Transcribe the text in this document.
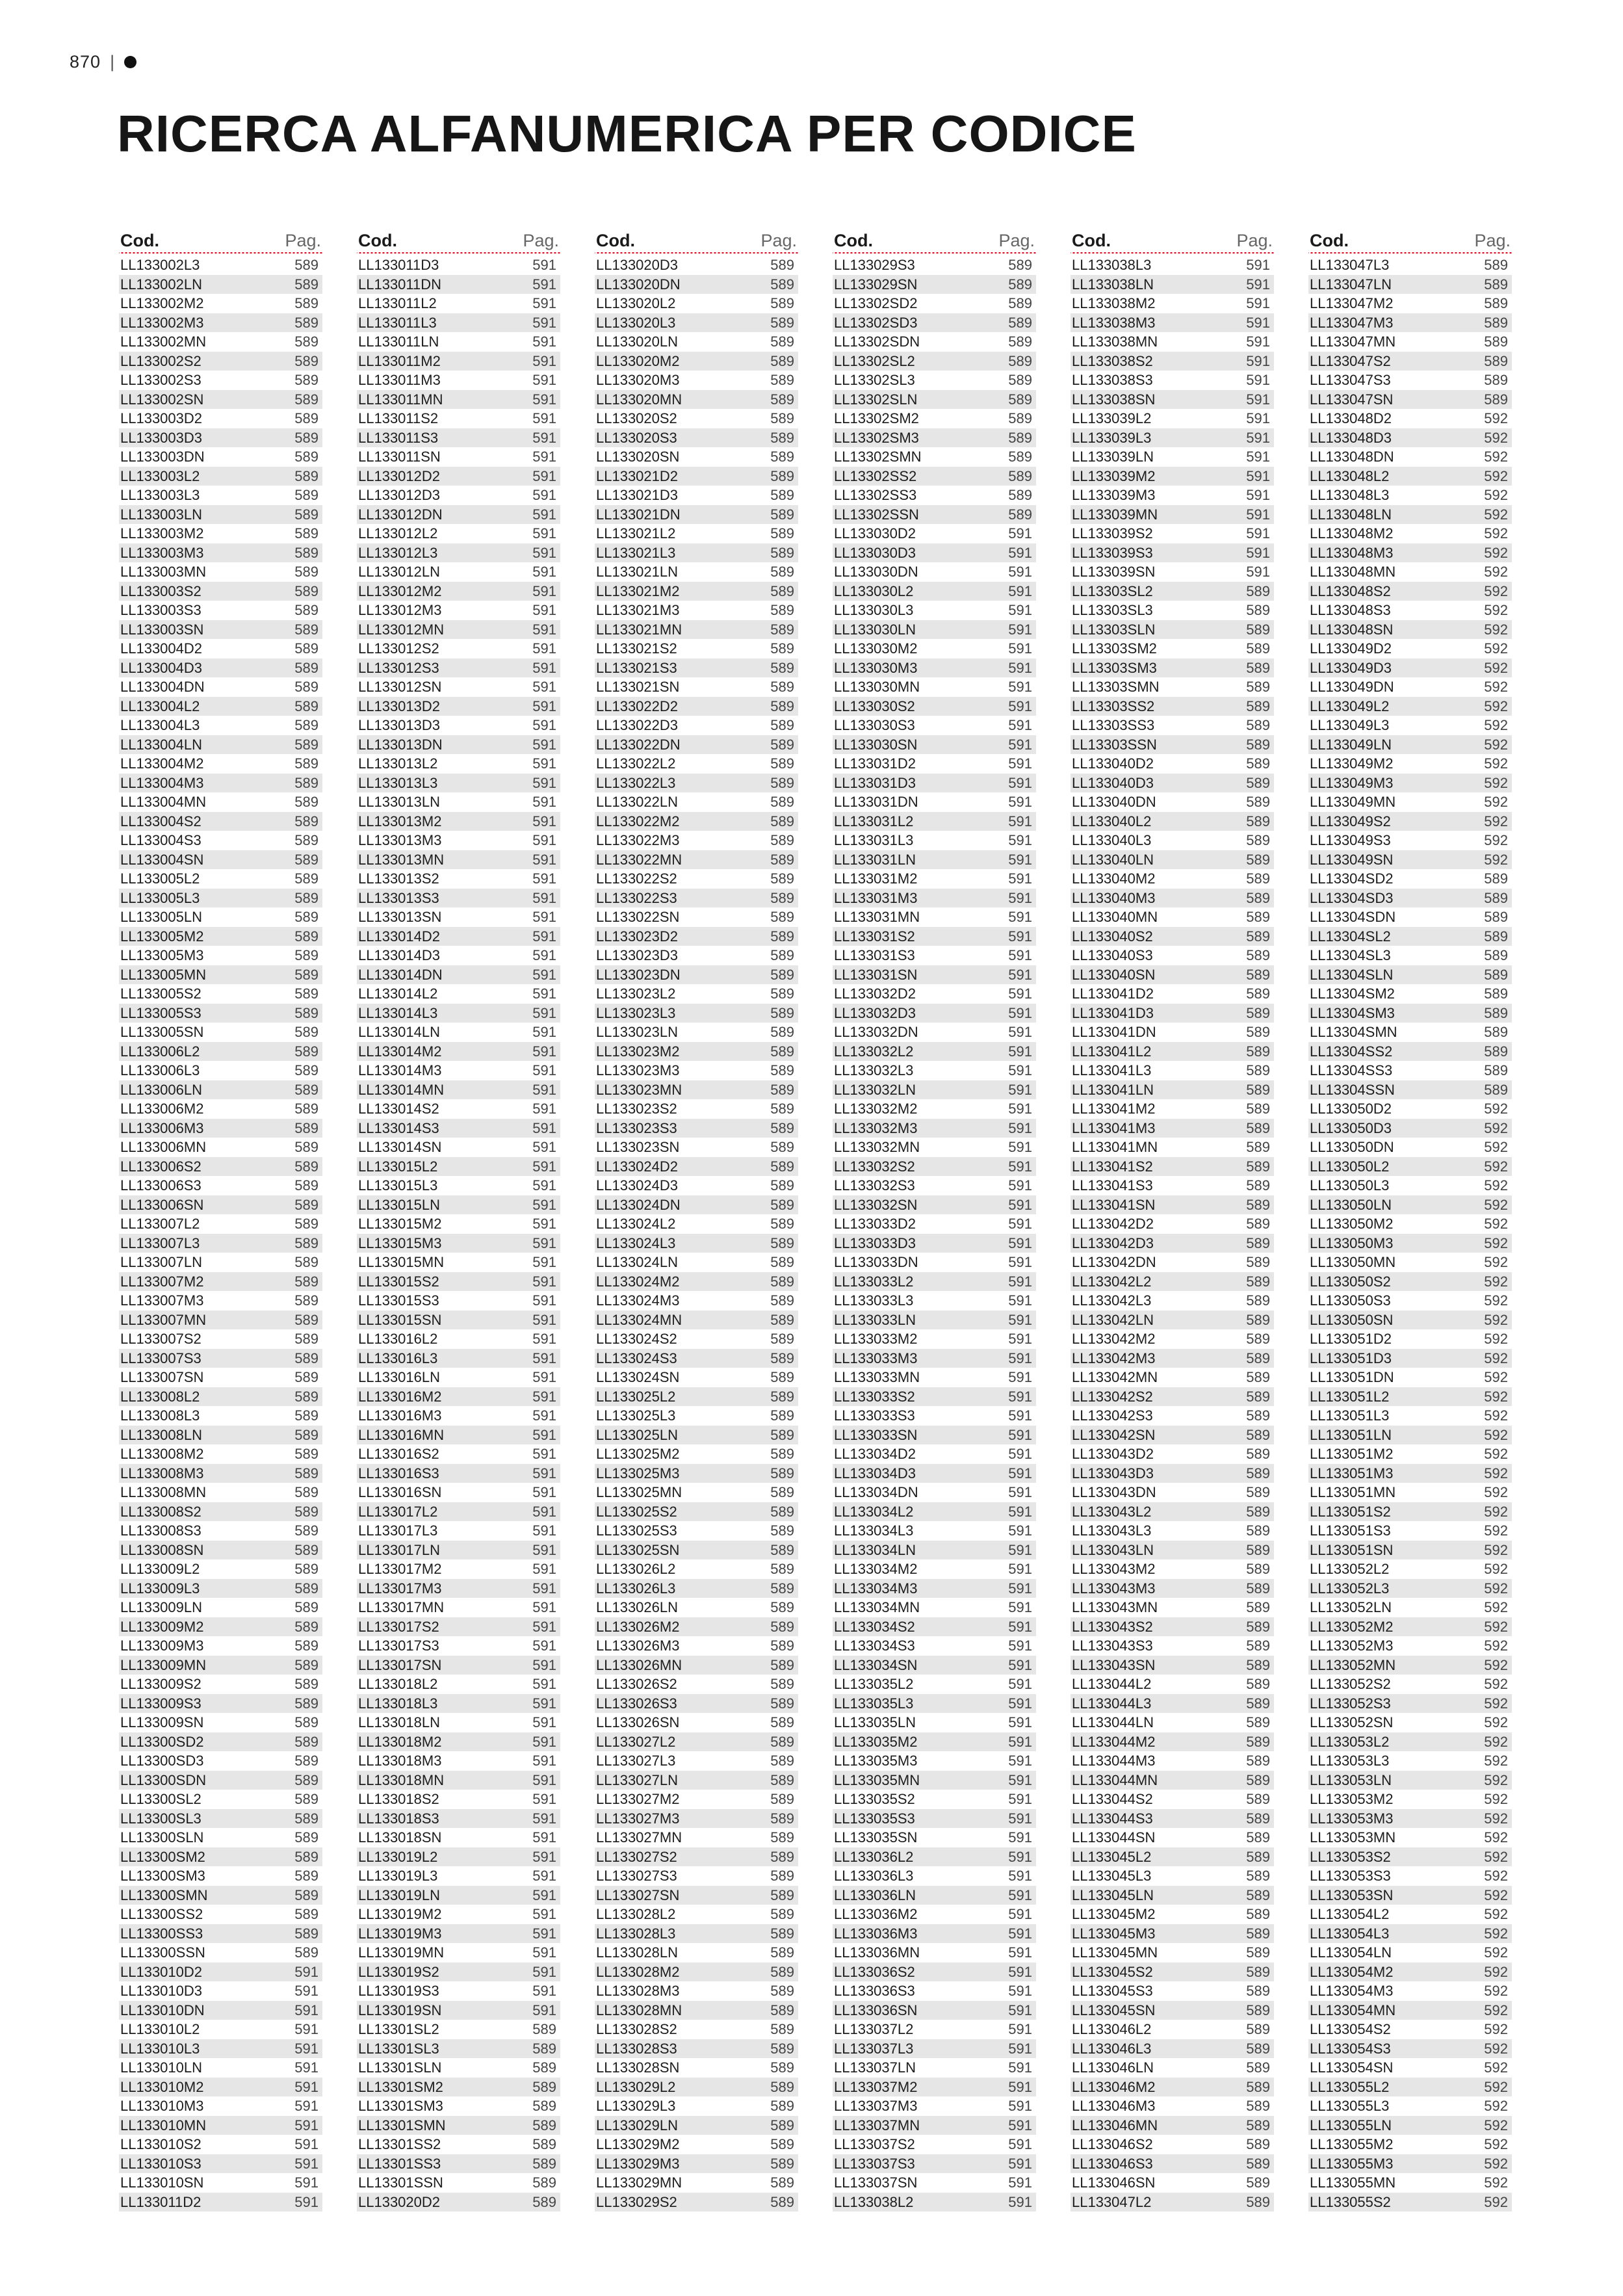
870 |
RICERCA ALFANUMERICA PER CODICE
Cod.	Pag.
LL133002L3	589
LL133002LN	589
LL133002M2	589
LL133002M3	589
LL133002MN	589
LL133002S2	589
LL133002S3	589
LL133002SN	589
LL133003D2	589
LL133003D3	589
LL133003DN	589
LL133003L2	589
LL133003L3	589
LL133003LN	589
LL133003M2	589
LL133003M3	589
LL133003MN	589
LL133003S2	589
LL133003S3	589
LL133003SN	589
LL133004D2	589
LL133004D3	589
LL133004DN	589
LL133004L2	589
LL133004L3	589
LL133004LN	589
LL133004M2	589
LL133004M3	589
LL133004MN	589
LL133004S2	589
LL133004S3	589
LL133004SN	589
LL133005L2	589
LL133005L3	589
LL133005LN	589
LL133005M2	589
LL133005M3	589
LL133005MN	589
LL133005S2	589
LL133005S3	589
LL133005SN	589
LL133006L2	589
LL133006L3	589
LL133006LN	589
LL133006M2	589
LL133006M3	589
LL133006MN	589
LL133006S2	589
LL133006S3	589
LL133006SN	589
LL133007L2	589
LL133007L3	589
LL133007LN	589
LL133007M2	589
LL133007M3	589
LL133007MN	589
LL133007S2	589
LL133007S3	589
LL133007SN	589
LL133008L2	589
LL133008L3	589
LL133008LN	589
LL133008M2	589
LL133008M3	589
LL133008MN	589
LL133008S2	589
LL133008S3	589
LL133008SN	589
LL133009L2	589
LL133009L3	589
LL133009LN	589
LL133009M2	589
LL133009M3	589
LL133009MN	589
LL133009S2	589
LL133009S3	589
LL133009SN	589
LL13300SD2	589
LL13300SD3	589
LL13300SDN	589
LL13300SL2	589
LL13300SL3	589
LL13300SLN	589
LL13300SM2	589
LL13300SM3	589
LL13300SMN	589
LL13300SS2	589
LL13300SS3	589
LL13300SSN	589
LL133010D2	591
LL133010D3	591
LL133010DN	591
LL133010L2	591
LL133010L3	591
LL133010LN	591
LL133010M2	591
LL133010M3	591
LL133010MN	591
LL133010S2	591
LL133010S3	591
LL133010SN	591
LL133011D2	591
Cod.	Pag.
LL133011D3	591
LL133011DN	591
LL133011L2	591
LL133011L3	591
LL133011LN	591
LL133011M2	591
LL133011M3	591
LL133011MN	591
LL133011S2	591
LL133011S3	591
LL133011SN	591
LL133012D2	591
LL133012D3	591
LL133012DN	591
LL133012L2	591
LL133012L3	591
LL133012LN	591
LL133012M2	591
LL133012M3	591
LL133012MN	591
LL133012S2	591
LL133012S3	591
LL133012SN	591
LL133013D2	591
LL133013D3	591
LL133013DN	591
LL133013L2	591
LL133013L3	591
LL133013LN	591
LL133013M2	591
LL133013M3	591
LL133013MN	591
LL133013S2	591
LL133013S3	591
LL133013SN	591
LL133014D2	591
LL133014D3	591
LL133014DN	591
LL133014L2	591
LL133014L3	591
LL133014LN	591
LL133014M2	591
LL133014M3	591
LL133014MN	591
LL133014S2	591
LL133014S3	591
LL133014SN	591
LL133015L2	591
LL133015L3	591
LL133015LN	591
LL133015M2	591
LL133015M3	591
LL133015MN	591
LL133015S2	591
LL133015S3	591
LL133015SN	591
LL133016L2	591
LL133016L3	591
LL133016LN	591
LL133016M2	591
LL133016M3	591
LL133016MN	591
LL133016S2	591
LL133016S3	591
LL133016SN	591
LL133017L2	591
LL133017L3	591
LL133017LN	591
LL133017M2	591
LL133017M3	591
LL133017MN	591
LL133017S2	591
LL133017S3	591
LL133017SN	591
LL133018L2	591
LL133018L3	591
LL133018LN	591
LL133018M2	591
LL133018M3	591
LL133018MN	591
LL133018S2	591
LL133018S3	591
LL133018SN	591
LL133019L2	591
LL133019L3	591
LL133019LN	591
LL133019M2	591
LL133019M3	591
LL133019MN	591
LL133019S2	591
LL133019S3	591
LL133019SN	591
LL13301SL2	589
LL13301SL3	589
LL13301SLN	589
LL13301SM2	589
LL13301SM3	589
LL13301SMN	589
LL13301SS2	589
LL13301SS3	589
LL13301SSN	589
LL133020D2	589
Cod.	Pag.
LL133020D3	589
LL133020DN	589
LL133020L2	589
LL133020L3	589
LL133020LN	589
LL133020M2	589
LL133020M3	589
LL133020MN	589
LL133020S2	589
LL133020S3	589
LL133020SN	589
LL133021D2	589
LL133021D3	589
LL133021DN	589
LL133021L2	589
LL133021L3	589
LL133021LN	589
LL133021M2	589
LL133021M3	589
LL133021MN	589
LL133021S2	589
LL133021S3	589
LL133021SN	589
LL133022D2	589
LL133022D3	589
LL133022DN	589
LL133022L2	589
LL133022L3	589
LL133022LN	589
LL133022M2	589
LL133022M3	589
LL133022MN	589
LL133022S2	589
LL133022S3	589
LL133022SN	589
LL133023D2	589
LL133023D3	589
LL133023DN	589
LL133023L2	589
LL133023L3	589
LL133023LN	589
LL133023M2	589
LL133023M3	589
LL133023MN	589
LL133023S2	589
LL133023S3	589
LL133023SN	589
LL133024D2	589
LL133024D3	589
LL133024DN	589
LL133024L2	589
LL133024L3	589
LL133024LN	589
LL133024M2	589
LL133024M3	589
LL133024MN	589
LL133024S2	589
LL133024S3	589
LL133024SN	589
LL133025L2	589
LL133025L3	589
LL133025LN	589
LL133025M2	589
LL133025M3	589
LL133025MN	589
LL133025S2	589
LL133025S3	589
LL133025SN	589
LL133026L2	589
LL133026L3	589
LL133026LN	589
LL133026M2	589
LL133026M3	589
LL133026MN	589
LL133026S2	589
LL133026S3	589
LL133026SN	589
LL133027L2	589
LL133027L3	589
LL133027LN	589
LL133027M2	589
LL133027M3	589
LL133027MN	589
LL133027S2	589
LL133027S3	589
LL133027SN	589
LL133028L2	589
LL133028L3	589
LL133028LN	589
LL133028M2	589
LL133028M3	589
LL133028MN	589
LL133028S2	589
LL133028S3	589
LL133028SN	589
LL133029L2	589
LL133029L3	589
LL133029LN	589
LL133029M2	589
LL133029M3	589
LL133029MN	589
LL133029S2	589
Cod.	Pag.
LL133029S3	589
LL133029SN	589
LL13302SD2	589
LL13302SD3	589
LL13302SDN	589
LL13302SL2	589
LL13302SL3	589
LL13302SLN	589
LL13302SM2	589
LL13302SM3	589
LL13302SMN	589
LL13302SS2	589
LL13302SS3	589
LL13302SSN	589
LL133030D2	591
LL133030D3	591
LL133030DN	591
LL133030L2	591
LL133030L3	591
LL133030LN	591
LL133030M2	591
LL133030M3	591
LL133030MN	591
LL133030S2	591
LL133030S3	591
LL133030SN	591
LL133031D2	591
LL133031D3	591
LL133031DN	591
LL133031L2	591
LL133031L3	591
LL133031LN	591
LL133031M2	591
LL133031M3	591
LL133031MN	591
LL133031S2	591
LL133031S3	591
LL133031SN	591
LL133032D2	591
LL133032D3	591
LL133032DN	591
LL133032L2	591
LL133032L3	591
LL133032LN	591
LL133032M2	591
LL133032M3	591
LL133032MN	591
LL133032S2	591
LL133032S3	591
LL133032SN	591
LL133033D2	591
LL133033D3	591
LL133033DN	591
LL133033L2	591
LL133033L3	591
LL133033LN	591
LL133033M2	591
LL133033M3	591
LL133033MN	591
LL133033S2	591
LL133033S3	591
LL133033SN	591
LL133034D2	591
LL133034D3	591
LL133034DN	591
LL133034L2	591
LL133034L3	591
LL133034LN	591
LL133034M2	591
LL133034M3	591
LL133034MN	591
LL133034S2	591
LL133034S3	591
LL133034SN	591
LL133035L2	591
LL133035L3	591
LL133035LN	591
LL133035M2	591
LL133035M3	591
LL133035MN	591
LL133035S2	591
LL133035S3	591
LL133035SN	591
LL133036L2	591
LL133036L3	591
LL133036LN	591
LL133036M2	591
LL133036M3	591
LL133036MN	591
LL133036S2	591
LL133036S3	591
LL133036SN	591
LL133037L2	591
LL133037L3	591
LL133037LN	591
LL133037M2	591
LL133037M3	591
LL133037MN	591
LL133037S2	591
LL133037S3	591
LL133037SN	591
LL133038L2	591
Cod.	Pag.
LL133038L3	591
LL133038LN	591
LL133038M2	591
LL133038M3	591
LL133038MN	591
LL133038S2	591
LL133038S3	591
LL133038SN	591
LL133039L2	591
LL133039L3	591
LL133039LN	591
LL133039M2	591
LL133039M3	591
LL133039MN	591
LL133039S2	591
LL133039S3	591
LL133039SN	591
LL13303SL2	589
LL13303SL3	589
LL13303SLN	589
LL13303SM2	589
LL13303SM3	589
LL13303SMN	589
LL13303SS2	589
LL13303SS3	589
LL13303SSN	589
LL133040D2	589
LL133040D3	589
LL133040DN	589
LL133040L2	589
LL133040L3	589
LL133040LN	589
LL133040M2	589
LL133040M3	589
LL133040MN	589
LL133040S2	589
LL133040S3	589
LL133040SN	589
LL133041D2	589
LL133041D3	589
LL133041DN	589
LL133041L2	589
LL133041L3	589
LL133041LN	589
LL133041M2	589
LL133041M3	589
LL133041MN	589
LL133041S2	589
LL133041S3	589
LL133041SN	589
LL133042D2	589
LL133042D3	589
LL133042DN	589
LL133042L2	589
LL133042L3	589
LL133042LN	589
LL133042M2	589
LL133042M3	589
LL133042MN	589
LL133042S2	589
LL133042S3	589
LL133042SN	589
LL133043D2	589
LL133043D3	589
LL133043DN	589
LL133043L2	589
LL133043L3	589
LL133043LN	589
LL133043M2	589
LL133043M3	589
LL133043MN	589
LL133043S2	589
LL133043S3	589
LL133043SN	589
LL133044L2	589
LL133044L3	589
LL133044LN	589
LL133044M2	589
LL133044M3	589
LL133044MN	589
LL133044S2	589
LL133044S3	589
LL133044SN	589
LL133045L2	589
LL133045L3	589
LL133045LN	589
LL133045M2	589
LL133045M3	589
LL133045MN	589
LL133045S2	589
LL133045S3	589
LL133045SN	589
LL133046L2	589
LL133046L3	589
LL133046LN	589
LL133046M2	589
LL133046M3	589
LL133046MN	589
LL133046S2	589
LL133046S3	589
LL133046SN	589
LL133047L2	589
Cod.	Pag.
LL133047L3	589
LL133047LN	589
LL133047M2	589
LL133047M3	589
LL133047MN	589
LL133047S2	589
LL133047S3	589
LL133047SN	589
LL133048D2	592
LL133048D3	592
LL133048DN	592
LL133048L2	592
LL133048L3	592
LL133048LN	592
LL133048M2	592
LL133048M3	592
LL133048MN	592
LL133048S2	592
LL133048S3	592
LL133048SN	592
LL133049D2	592
LL133049D3	592
LL133049DN	592
LL133049L2	592
LL133049L3	592
LL133049LN	592
LL133049M2	592
LL133049M3	592
LL133049MN	592
LL133049S2	592
LL133049S3	592
LL133049SN	592
LL13304SD2	589
LL13304SD3	589
LL13304SDN	589
LL13304SL2	589
LL13304SL3	589
LL13304SLN	589
LL13304SM2	589
LL13304SM3	589
LL13304SMN	589
LL13304SS2	589
LL13304SS3	589
LL13304SSN	589
LL133050D2	592
LL133050D3	592
LL133050DN	592
LL133050L2	592
LL133050L3	592
LL133050LN	592
LL133050M2	592
LL133050M3	592
LL133050MN	592
LL133050S2	592
LL133050S3	592
LL133050SN	592
LL133051D2	592
LL133051D3	592
LL133051DN	592
LL133051L2	592
LL133051L3	592
LL133051LN	592
LL133051M2	592
LL133051M3	592
LL133051MN	592
LL133051S2	592
LL133051S3	592
LL133051SN	592
LL133052L2	592
LL133052L3	592
LL133052LN	592
LL133052M2	592
LL133052M3	592
LL133052MN	592
LL133052S2	592
LL133052S3	592
LL133052SN	592
LL133053L2	592
LL133053L3	592
LL133053LN	592
LL133053M2	592
LL133053M3	592
LL133053MN	592
LL133053S2	592
LL133053S3	592
LL133053SN	592
LL133054L2	592
LL133054L3	592
LL133054LN	592
LL133054M2	592
LL133054M3	592
LL133054MN	592
LL133054S2	592
LL133054S3	592
LL133054SN	592
LL133055L2	592
LL133055L3	592
LL133055LN	592
LL133055M2	592
LL133055M3	592
LL133055MN	592
LL133055S2	592
